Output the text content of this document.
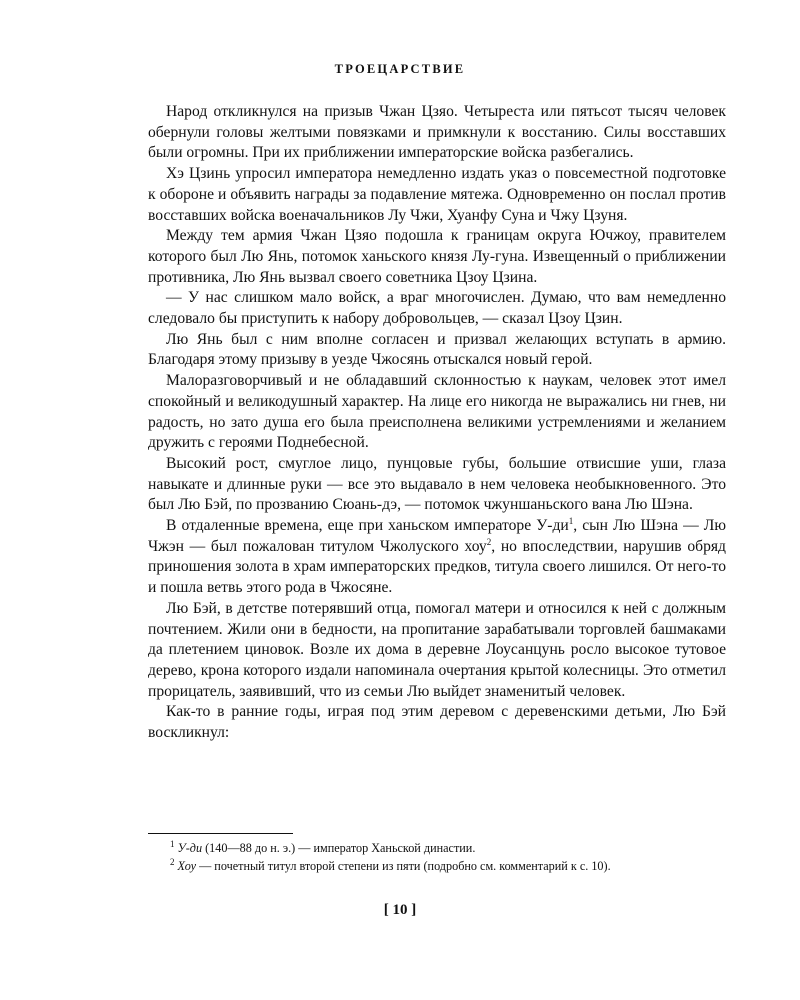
ТРОЕЦАРСТВИЕ

Народ откликнулся на призыв Чжан Цзяо. Четыреста или пятьсот тысяч человек обернули головы желтыми повязками и примкнули к восстанию. Силы восставших были огромны. При их приближении императорские войска разбегались.

Хэ Цзинь упросил императора немедленно издать указ о повсеместной подготовке к обороне и объявить награды за подавление мятежа. Одновременно он послал против восставших войска военачальников Лу Чжи, Хуанфу Суна и Чжу Цзуня.

Между тем армия Чжан Цзяо подошла к границам округа Ючжоу, правителем которого был Лю Янь, потомок ханьского князя Лу-гуна. Извещенный о приближении противника, Лю Янь вызвал своего советника Цзоу Цзина.

— У нас слишком мало войск, а враг многочислен. Думаю, что вам немедленно следовало бы приступить к набору добровольцев, — сказал Цзоу Цзин.

Лю Янь был с ним вполне согласен и призвал желающих вступать в армию. Благодаря этому призыву в уезде Чжосянь отыскался новый герой.

Малоразговорчивый и не обладавший склонностью к наукам, человек этот имел спокойный и великодушный характер. На лице его никогда не выражались ни гнев, ни радость, но зато душа его была преисполнена великими устремлениями и желанием дружить с героями Поднебесной.

Высокий рост, смуглое лицо, пунцовые губы, большие отвисшие уши, глаза навыкате и длинные руки — все это выдавало в нем человека необыкновенного. Это был Лю Бэй, по прозванию Сюань-дэ, — потомок чжуншаньского вана Лю Шэна.

В отдаленные времена, еще при ханьском императоре $У-ди^1$, сын Лю Шэна — Лю Чжэн — был пожалован титулом Чжолуского хоу$^2$, но впоследствии, нарушив обряд приношения золота в храм императорских предков, титула своего лишился. От него-то и пошла ветвь этого рода в Чжосяне.

Лю Бэй, в детстве потерявший отца, помогал матери и относился к ней с должным почтением. Жили они в бедности, на пропитание зарабатывали торговлей башмаками да плетением циновок. Возле их дома в деревне Лоусанцунь росло высокое тутовое дерево, крона которого издали напоминала очертания крытой колесницы. Это отметил прорицатель, заявивший, что из семьи Лю выйдет знаменитый человек.

Как-то в ранние годы, играя под этим деревом с деревенскими детьми, Лю Бэй воскликнул:

$^1$ У-ди (140—88 до н. э.) — император Ханьской династии.

$^2$ Хоу — почетный титул второй степени из пяти (подробно см. комментарий к с. 10).

[ 10 ]
